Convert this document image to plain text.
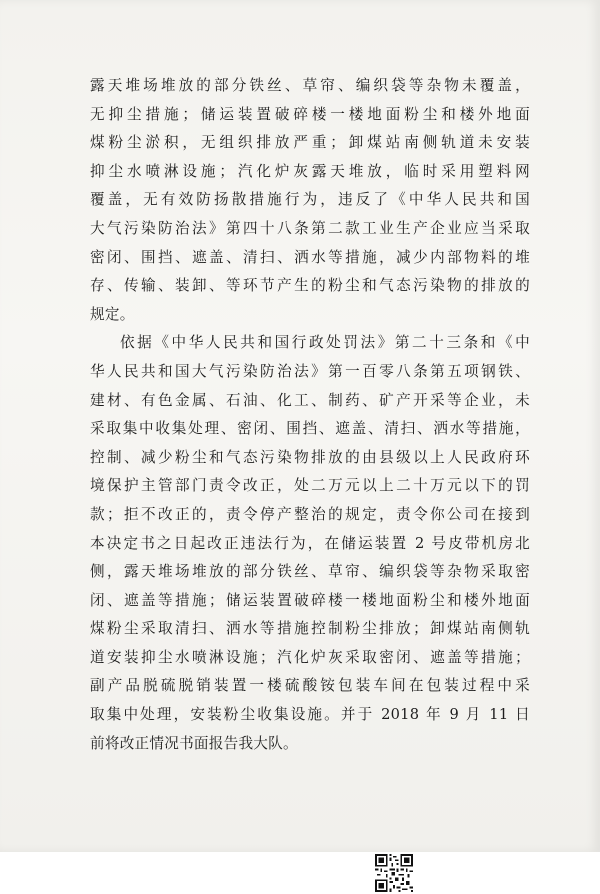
露天堆场堆放的部分铁丝、草帘、编织袋等杂物未覆盖，
无抑尘措施；储运装置破碎楼一楼地面粉尘和楼外地面
煤粉尘淤积，无组织排放严重；卸煤站南侧轨道未安装
抑尘水喷淋设施；汽化炉灰露天堆放，临时采用塑料网
覆盖，无有效防扬散措施行为，违反了《中华人民共和国
大气污染防治法》第四十八条第二款工业生产企业应当采取
密闭、围挡、遮盖、清扫、洒水等措施，减少内部物料的堆
存、传输、装卸、等环节产生的粉尘和气态污染物的排放的
规定。
依据《中华人民共和国行政处罚法》第二十三条和《中
华人民共和国大气污染防治法》第一百零八条第五项钢铁、
建材、有色金属、石油、化工、制药、矿产开采等企业，未
采取集中收集处理、密闭、围挡、遮盖、清扫、洒水等措施，
控制、减少粉尘和气态污染物排放的由县级以上人民政府环
境保护主管部门责令改正，处二万元以上二十万元以下的罚
款；拒不改正的，责令停产整治的规定，责令你公司在接到
本决定书之日起改正违法行为，在储运装置 2 号皮带机房北
侧，露天堆场堆放的部分铁丝、草帘、编织袋等杂物采取密
闭、遮盖等措施；储运装置破碎楼一楼地面粉尘和楼外地面
煤粉尘采取清扫、洒水等措施控制粉尘排放；卸煤站南侧轨
道安装抑尘水喷淋设施；汽化炉灰采取密闭、遮盖等措施；
副产品脱硫脱销装置一楼硫酸铵包装车间在包装过程中采
取集中处理，安装粉尘收集设施。并于 2018 年 9 月 11 日
前将改正情况书面报告我大队。
